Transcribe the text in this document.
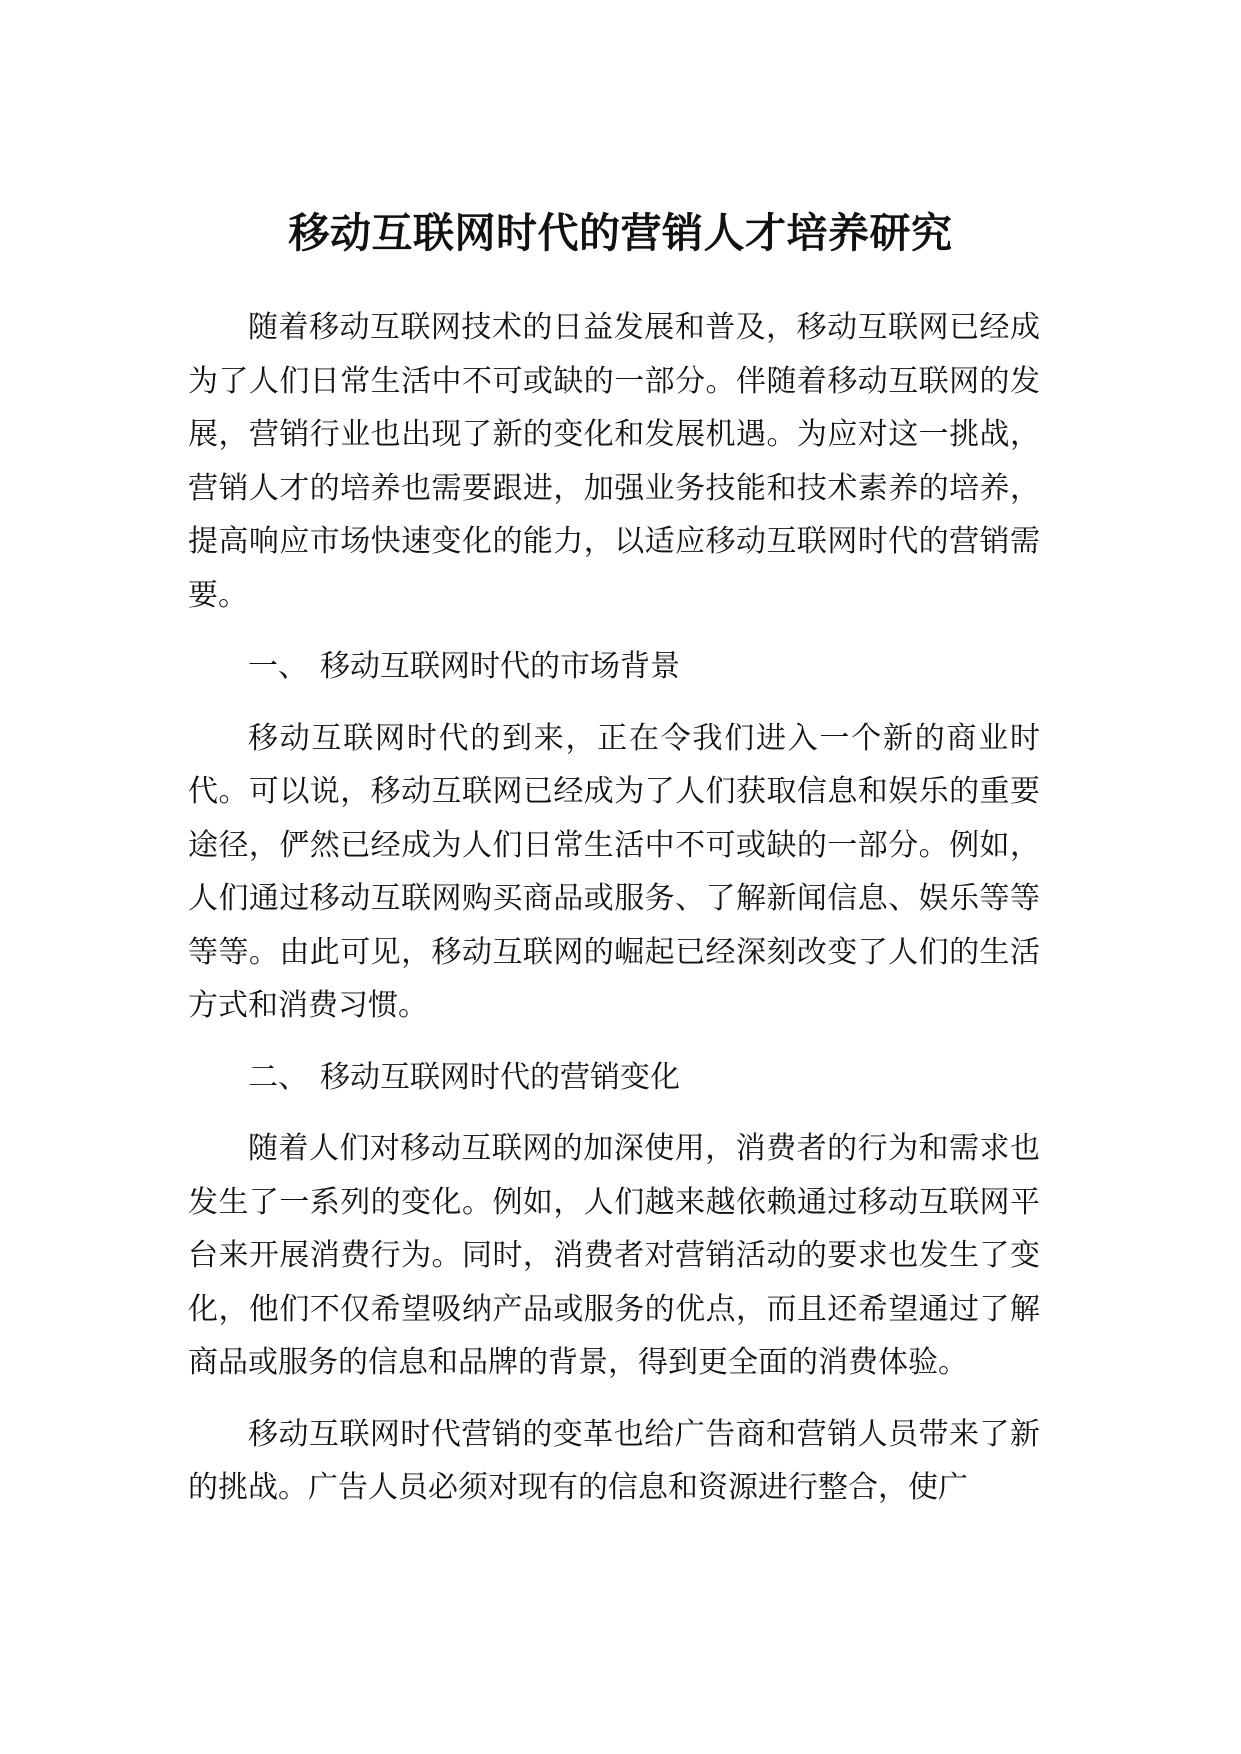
移动互联网时代的营销人才培养研究

随着移动互联网技术的日益发展和普及，移动互联网已经成为了人们日常生活中不可或缺的一部分。伴随着移动互联网的发展，营销行业也出现了新的变化和发展机遇。为应对这一挑战，营销人才的培养也需要跟进，加强业务技能和技术素养的培养，提高响应市场快速变化的能力，以适应移动互联网时代的营销需要。

一、 移动互联网时代的市场背景

移动互联网时代的到来，正在令我们进入一个新的商业时代。可以说，移动互联网已经成为了人们获取信息和娱乐的重要途径，俨然已经成为人们日常生活中不可或缺的一部分。例如，人们通过移动互联网购买商品或服务、了解新闻信息、娱乐等等等等。由此可见，移动互联网的崛起已经深刻改变了人们的生活方式和消费习惯。

二、 移动互联网时代的营销变化

随着人们对移动互联网的加深使用，消费者的行为和需求也发生了一系列的变化。例如，人们越来越依赖通过移动互联网平台来开展消费行为。同时，消费者对营销活动的要求也发生了变化，他们不仅希望吸纳产品或服务的优点，而且还希望通过了解商品或服务的信息和品牌的背景，得到更全面的消费体验。

移动互联网时代营销的变革也给广告商和营销人员带来了新的挑战。广告人员必须对现有的信息和资源进行整合，使广
